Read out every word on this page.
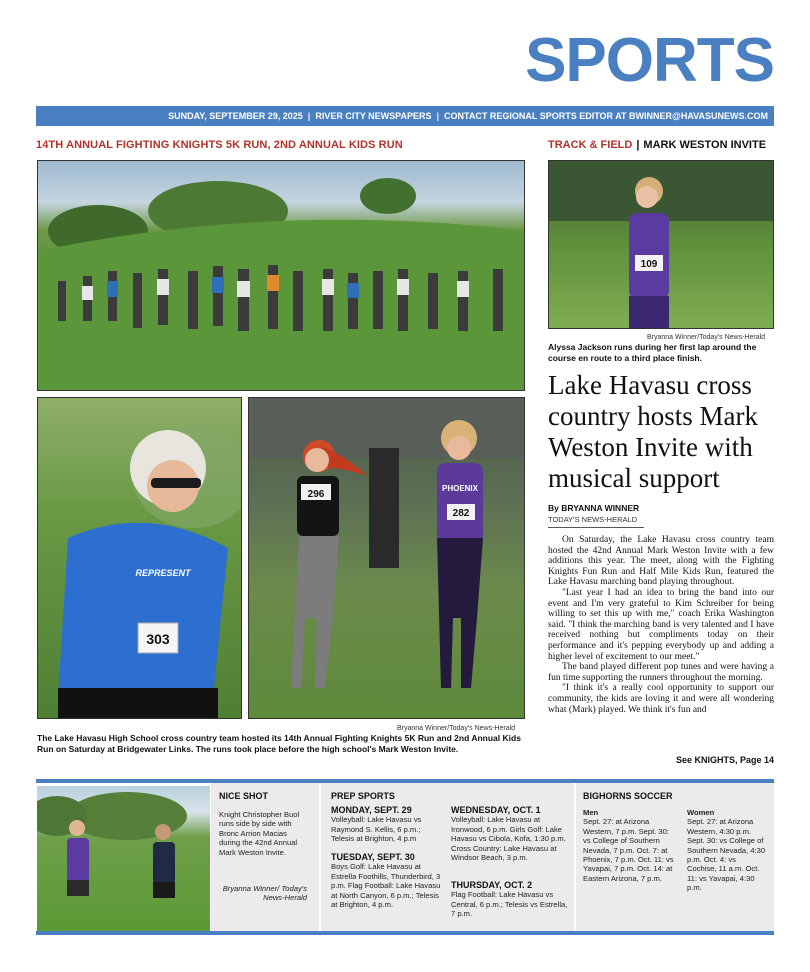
SPORTS
SUNDAY, SEPTEMBER 29, 2025 | RIVER CITY NEWSPAPERS | CONTACT REGIONAL SPORTS EDITOR AT BWINNER@HAVASUNEWS.COM
14TH ANNUAL FIGHTING KNIGHTS 5K RUN, 2ND ANNUAL KIDS RUN	TRACK & FIELD | MARK WESTON INVITE
303
REPRESENT
296
PHOENIX
282
Bryanna Winner/Today's News-Herald
The Lake Havasu High School cross country team hosted its 14th Annual Fighting Knights 5K Run and 2nd Annual Kids Run on Saturday at Bridgewater Links. The runs took place before the high school's Mark Weston Invite.
109
Bryanna Winner/Today's News-Herald
Alyssa Jackson runs during her first lap around the course en route to a third place finish.
Lake Havasu cross country hosts Mark Weston Invite with musical support
By BRYANNA WINNER
TODAY'S NEWS-HERALD

On Saturday, the Lake Havasu cross country team hosted the 42nd Annual Mark Weston Invite with a few additions this year. The meet, along with the Fighting Knights Fun Run and Half Mile Kids Run, featured the Lake Havasu marching band playing throughout.

"Last year I had an idea to bring the band into our event and I'm very grateful to Kim Schreiber for being willing to set this up with me," coach Erika Washington said. "I think the marching band is very talented and I have received nothing but compliments today on their performance and it's pepping everybody up and adding a higher level of excitement to our meet."

The band played different pop tunes and were having a fun time supporting the runners throughout the morning.

"I think it's a really cool opportunity to support our community, the kids are loving it and were all wondering what (Mark) played. We think it's fun and

See KNIGHTS, Page 14
NICE SHOT
Knight Christopher Buol runs side by side with Bronc Arrion Macias during the 42nd Annual Mark Weston Invite.
Bryanna Winner/ Today's News-Herald
PREP SPORTS
MONDAY, SEPT. 29
Volleyball: Lake Havasu vs Raymond S. Kellis, 6 p.m.; Telesis at Brighton, 4 p.m
TUESDAY, SEPT. 30
Boys Golf: Lake Havasu at Estrella Foothills, Thunderbird, 3 p.m. Flag Football: Lake Havasu at North Canyon, 6 p.m.; Telesis at Brighton, 4 p.m.
WEDNESDAY, OCT. 1
Volleyball: Lake Havasu at Ironwood, 6 p.m. Girls Golf: Lake Havasu vs Cibola, Kofa, 1:30 p.m. Cross Country: Lake Havasu at Windsor Beach, 3 p.m.
THURSDAY, OCT. 2
Flag Football: Lake Havasu vs Central, 6 p.m.; Telesis vs Estrella, 7 p.m.
BIGHORNS SOCCER
Men
Sept. 27: at Arizona Western, 7 p.m. Sept. 30: vs College of Southern Nevada, 7 p.m. Oct. 7: at Phoenix, 7 p.m. Oct. 11: vs Yavapai, 7 p.m. Oct. 14: at Eastern Arizona, 7 p.m.
Women
Sept. 27: at Arizona Western, 4:30 p.m. Sept. 30: vs College of Southern Nevada, 4:30 p.m. Oct. 4: vs Cochise, 11 a.m. Oct. 11: vs Yavapai, 4:30 p.m.
